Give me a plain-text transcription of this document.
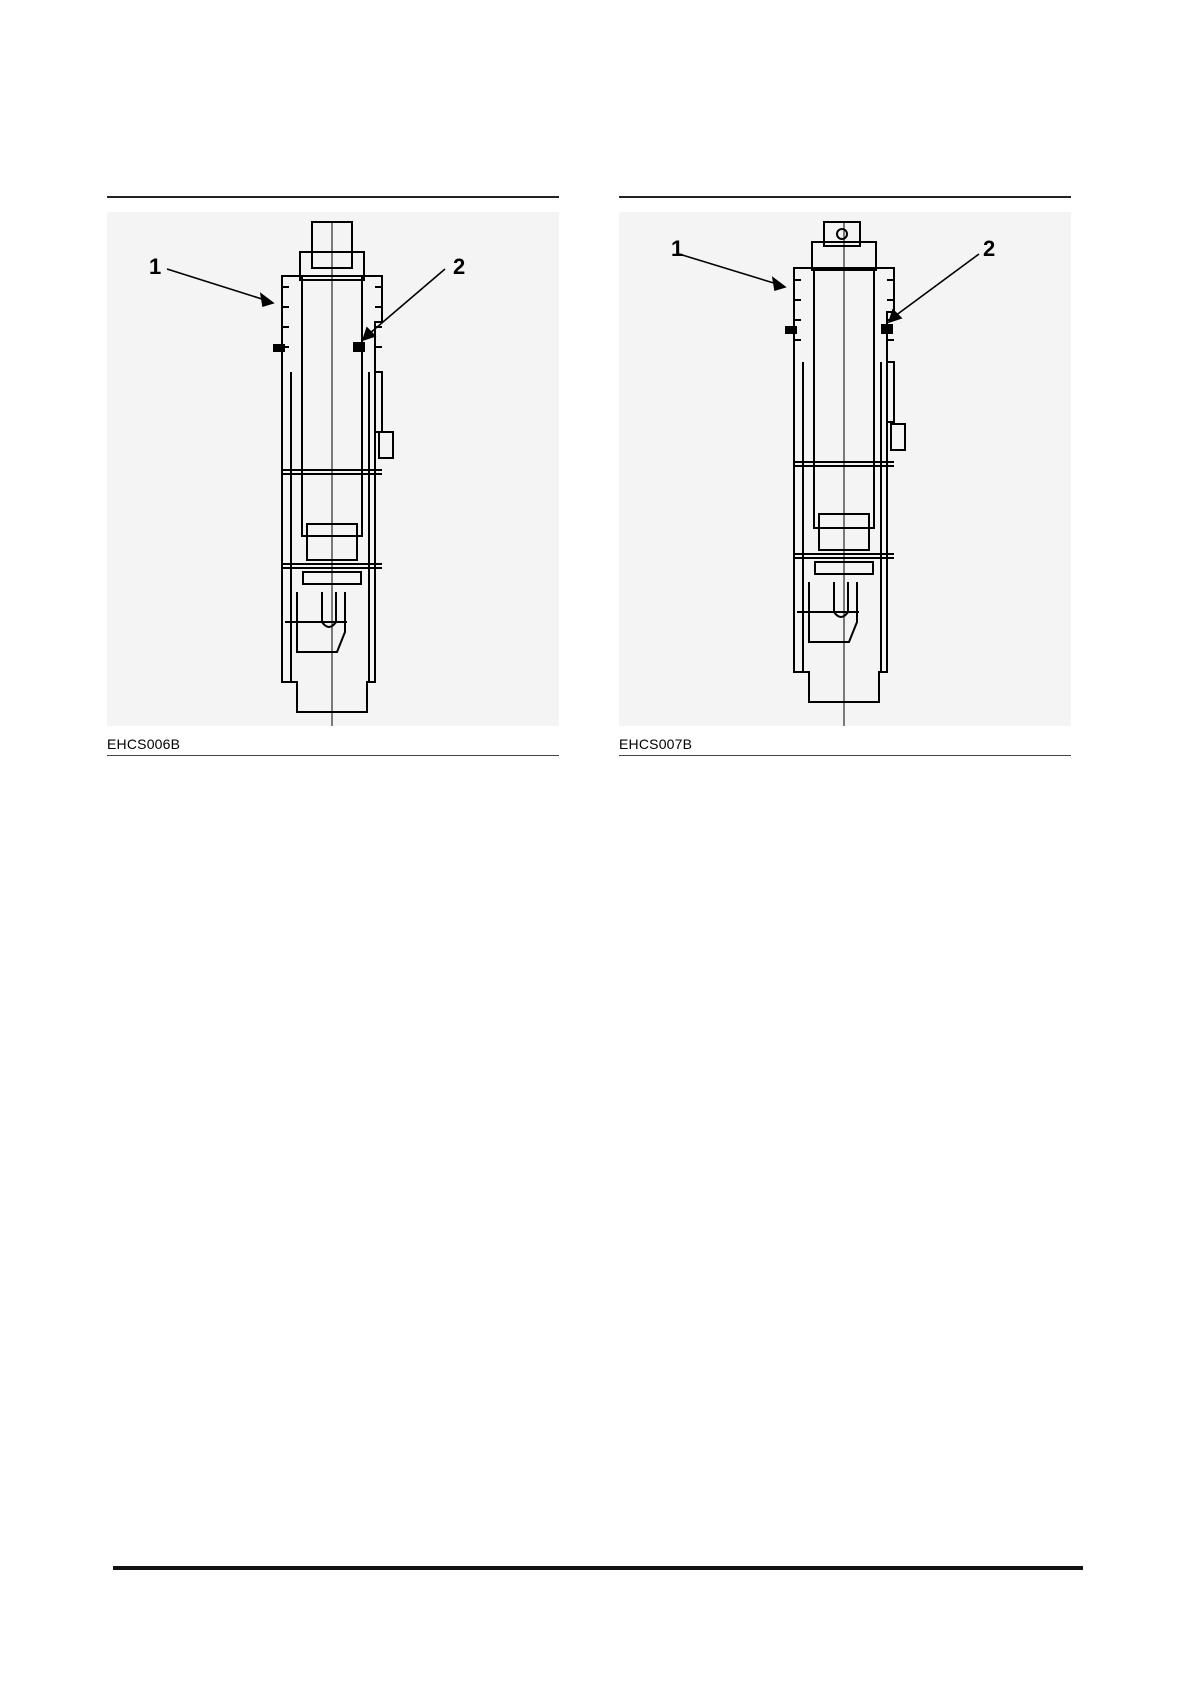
1	2
EHCS006B
1	2
EHCS007B
